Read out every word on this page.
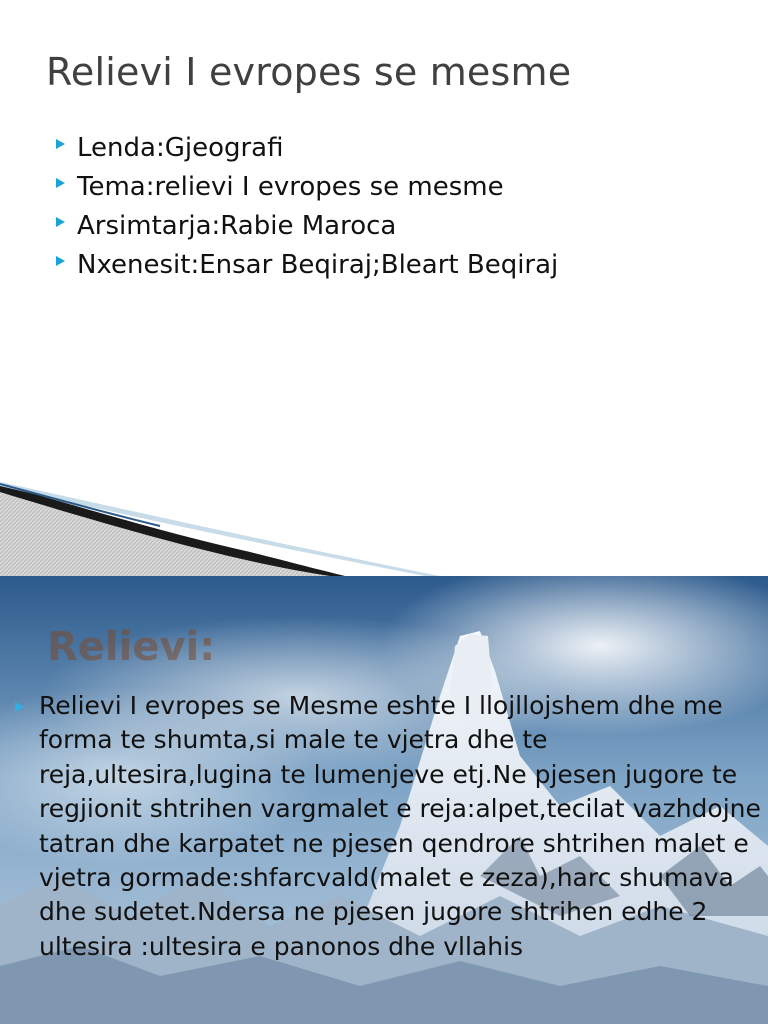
Relievi I evropes se mesme
Lenda:Gjeografi
Tema:relievi I evropes se mesme
Arsimtarja:Rabie Maroca
Nxenesit:Ensar Beqiraj;Bleart Beqiraj
Relievi:

Relievi I evropes se Mesme eshte I llojllojshem dhe me forma te shumta,si male te vjetra dhe te reja,ultesira,lugina te lumenjeve etj.Ne pjesen jugore te regjionit shtrihen vargmalet e reja:alpet,tecilat vazhdojne tatran dhe karpatet ne pjesen qendrore shtrihen malet e vjetra gormade:shfarcvald(malet e zeza),harc shumava dhe sudetet.Ndersa ne pjesen jugore shtrihen edhe 2 ultesira :ultesira e panonos dhe vllahis
